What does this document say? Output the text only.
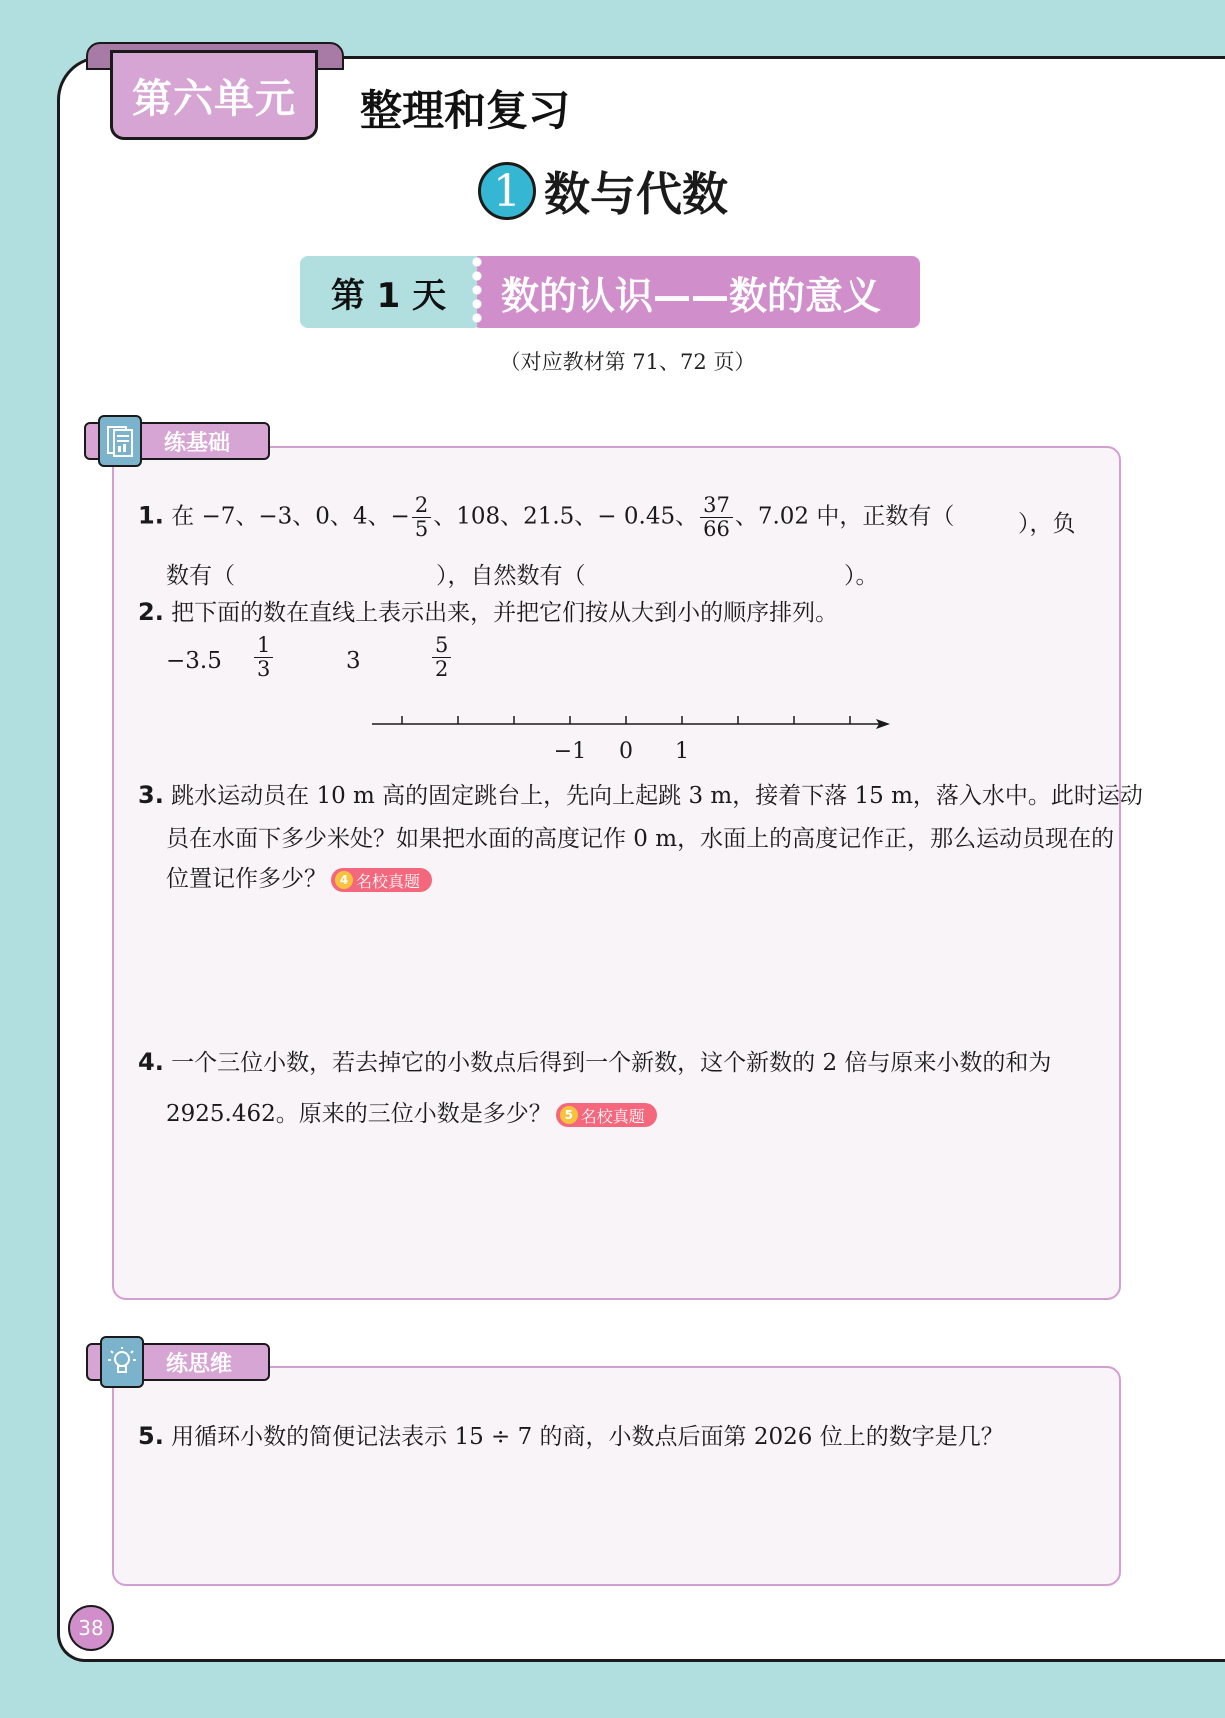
第六单元 整理和复习
1 数与代数
第 1 天	数的认识——数的意义
（对应教材第 71、72 页）
练基础
1. 在 −7、−3、0、4、− $\frac{2}{5}$ 、108、21.5、− 0.45、 $\frac{37}{66}$ 、7.02 中，正数有（	），负
数有（	），自然数有（	）。
2. 把下面的数在直线上表示出来，并把它们按从大到小的顺序排列。
$-3.5 \frac{1}{3}$	3	$\frac{5}{2}$
−1 0 1
3. 跳水运动员在 10 m 高的固定跳台上，先向上起跳 3 m，接着下落 15 m，落入水中。此时运动
员在水面下多少米处？如果把水面的高度记作 0 m，水面上的高度记作正，那么运动员现在的
位置记作多少？	4 名校真题
4. 一个三位小数，若去掉它的小数点后得到一个新数，这个新数的 2 倍与原来小数的和为
2925.462。原来的三位小数是多少？	5 名校真题
练思维
5. 用循环小数的简便记法表示 15 ÷ 7 的商，小数点后面第 2026 位上的数字是几？
38
